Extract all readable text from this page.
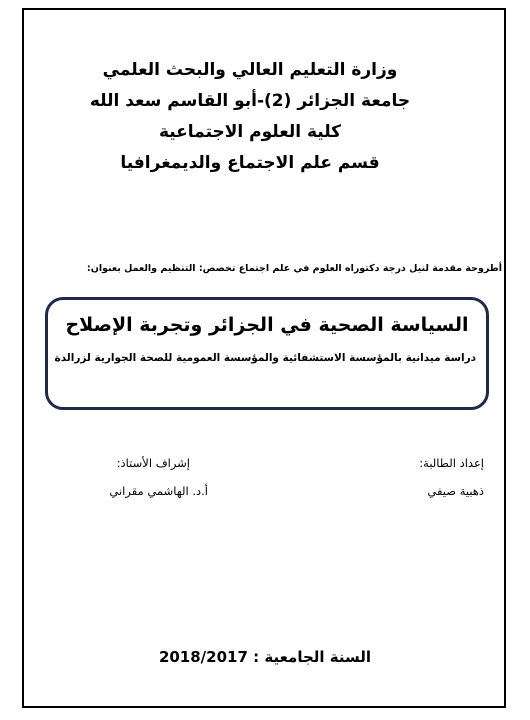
وزارة التعليم العالي والبحث العلمي
جامعة الجزائر (2)-أبو القاسم سعد الله
كلية العلوم الاجتماعية
قسم علم الاجتماع والديمغرافيا
أطروحة مقدمة لنيل درجة دكتوراه العلوم في علم اجتماع تخصص: التنظيم والعمل بعنوان:
السياسة الصحية في الجزائر وتجربة الإصلاح
دراسة ميدانية بالمؤسسة الاستشفائية والمؤسسة العمومية للصحة الجوارية لزرالدة
إعداد الطالبة:
ذهبية صيفي
إشراف الأستاذ:
أ.د. الهاشمي مقراني
السنة الجامعية : 2018/2017
